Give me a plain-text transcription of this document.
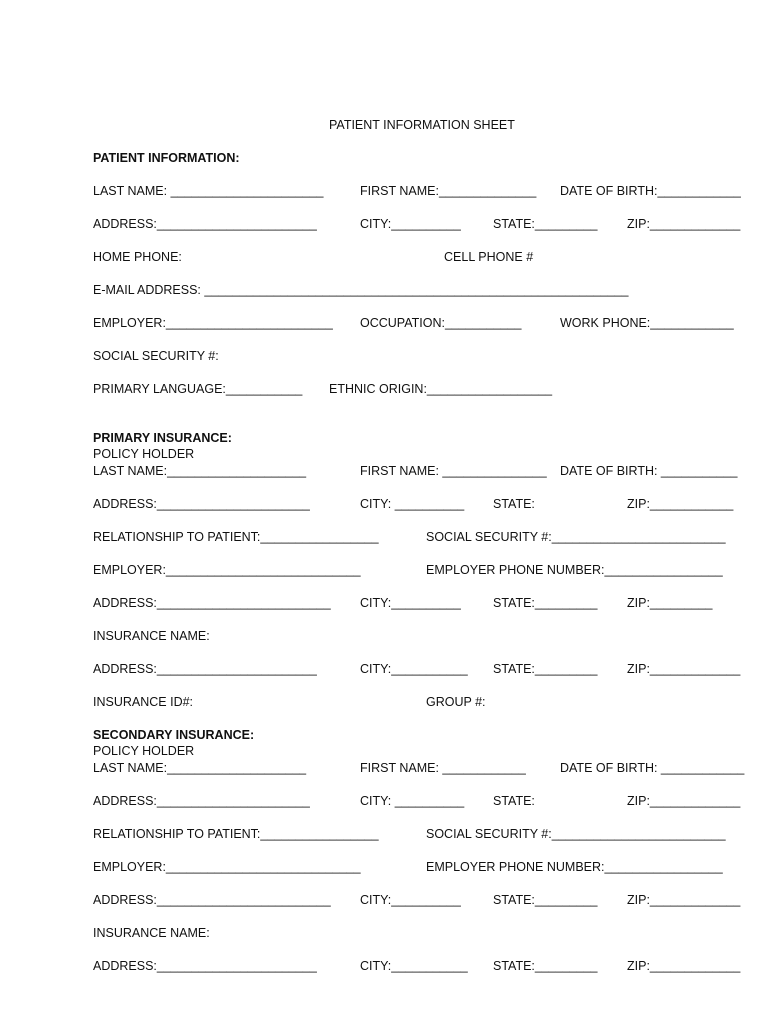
PATIENT INFORMATION SHEET
PATIENT INFORMATION:
LAST NAME: ______________________	FIRST NAME:______________ DATE OF BIRTH:____________
ADDRESS:_______________________	CITY:__________	STATE:_________ ZIP:_____________
HOME PHONE:	CELL PHONE #
E-MAIL ADDRESS: _____________________________________________________________
EMPLOYER:________________________ OCCUPATION:___________	WORK PHONE:____________
SOCIAL SECURITY #:
PRIMARY LANGUAGE:___________ ETHNIC ORIGIN:__________________
PRIMARY INSURANCE:
POLICY HOLDER
LAST NAME:____________________	FIRST NAME: _______________ DATE OF BIRTH: ___________
ADDRESS:______________________	CITY: __________ STATE:	ZIP:____________
RELATIONSHIP TO PATIENT:_________________	SOCIAL SECURITY #:_________________________
EMPLOYER:____________________________	EMPLOYER PHONE NUMBER:_________________
ADDRESS:_________________________ CITY:__________	STATE:_________ ZIP:_________
INSURANCE NAME:
ADDRESS:_______________________	CITY:___________ STATE:_________ ZIP:_____________
INSURANCE ID#:	GROUP #:
SECONDARY INSURANCE:
POLICY HOLDER
LAST NAME:____________________	FIRST NAME: ____________	DATE OF BIRTH: ____________
ADDRESS:______________________	CITY: __________ STATE:	ZIP:_____________
RELATIONSHIP TO PATIENT:_________________	SOCIAL SECURITY #:_________________________
EMPLOYER:____________________________	EMPLOYER PHONE NUMBER:_________________
ADDRESS:_________________________ CITY:__________	STATE:_________ ZIP:_____________
INSURANCE NAME:
ADDRESS:_______________________	CITY:___________ STATE:_________ ZIP:_____________
